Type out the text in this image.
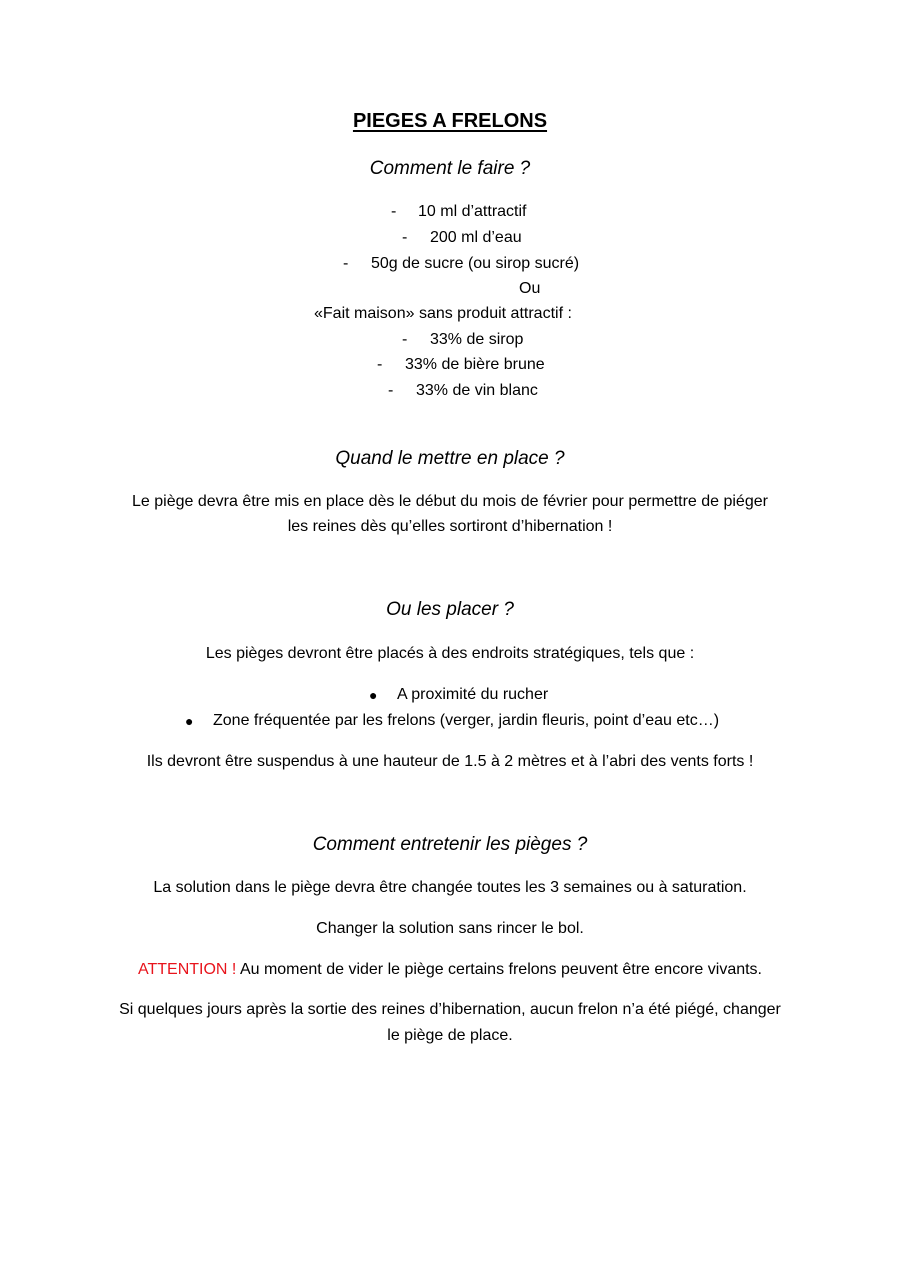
PIEGES A FRELONS
Comment le faire ?
- 10 ml d’attractif
- 200 ml d’eau
- 50g de sucre (ou sirop sucré)
Ou
«Fait maison» sans produit attractif :
- 33% de sirop
- 33% de bière brune
- 33% de vin blanc
Quand le mettre en place ?
Le piège devra être mis en place dès le début du mois de février pour permettre de piéger
les reines dès qu’elles sortiront d’hibernation !
Ou les placer ?
Les pièges devront être placés à des endroits stratégiques, tels que :
● A proximité du rucher
● Zone fréquentée par les frelons (verger, jardin fleuris, point d’eau etc…)
Ils devront être suspendus à une hauteur de 1.5 à 2 mètres et à l’abri des vents forts !
Comment entretenir les pièges ?
La solution dans le piège devra être changée toutes les 3 semaines ou à saturation.
Changer la solution sans rincer le bol.
ATTENTION ! Au moment de vider le piège certains frelons peuvent être encore vivants.
Si quelques jours après la sortie des reines d’hibernation, aucun frelon n’a été piégé, changer
le piège de place.
